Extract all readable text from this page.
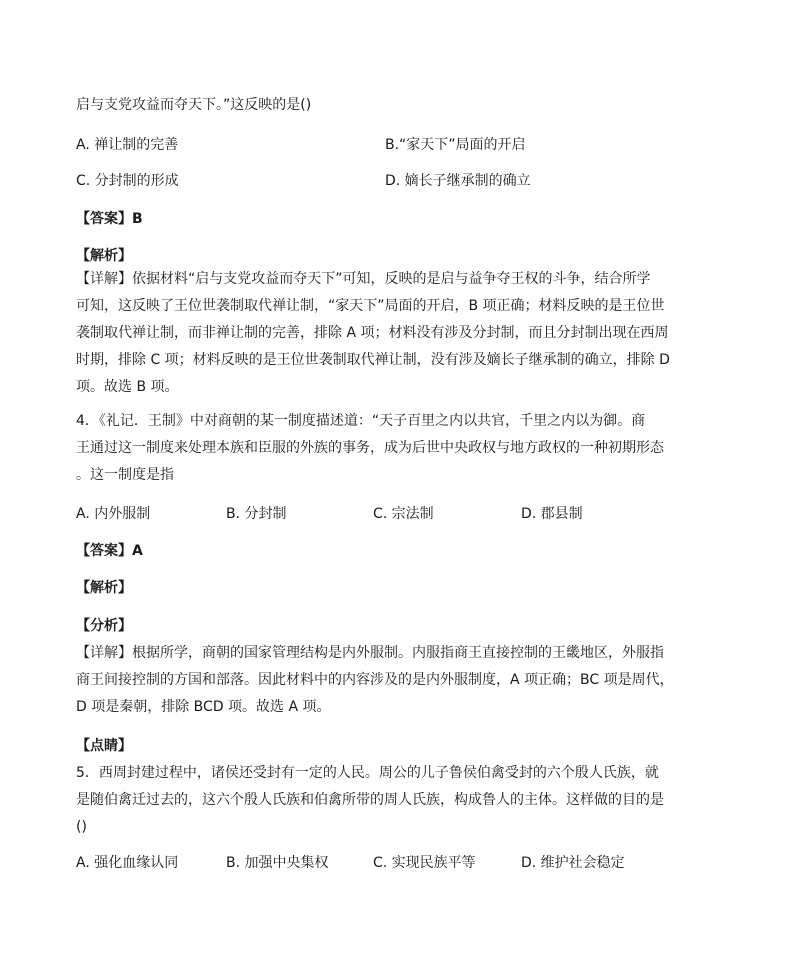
启与支党攻益而夺天下。”这反映的是()
A. 禅让制的完善	B.“家天下”局面的开启
C. 分封制的形成	D. 嫡长子继承制的确立
【答案】B
【解析】
【详解】依据材料“启与支党攻益而夺天下”可知，反映的是启与益争夺王权的斗争，结合所学
可知，这反映了王位世袭制取代禅让制，“家天下”局面的开启，B 项正确；材料反映的是王位世
袭制取代禅让制，而非禅让制的完善，排除 A 项；材料没有涉及分封制，而且分封制出现在西周
时期，排除 C 项；材料反映的是王位世袭制取代禅让制，没有涉及嫡长子继承制的确立，排除 D
项。故选 B 项。
4．《礼记．王制》中对商朝的某一制度描述道：“天子百里之内以共官，千里之内以为御。商
王通过这一制度来处理本族和臣服的外族的事务，成为后世中央政权与地方政权的一种初期形态
。这一制度是指
A. 内外服制	B. 分封制	C. 宗法制	D. 郡县制
【答案】A
【解析】
【分析】
【详解】根据所学，商朝的国家管理结构是内外服制。内服指商王直接控制的王畿地区，外服指
商王间接控制的方国和部落。因此材料中的内容涉及的是内外服制度，A 项正确；BC 项是周代，
D 项是秦朝，排除 BCD 项。故选 A 项。
【点睛】
5．西周封建过程中，诸侯还受封有一定的人民。周公的儿子鲁侯伯禽受封的六个殷人氏族，就
是随伯禽迁过去的，这六个殷人氏族和伯禽所带的周人氏族，构成鲁人的主体。这样做的目的是
()
A. 强化血缘认同	B. 加强中央集权	C. 实现民族平等	D. 维护社会稳定
